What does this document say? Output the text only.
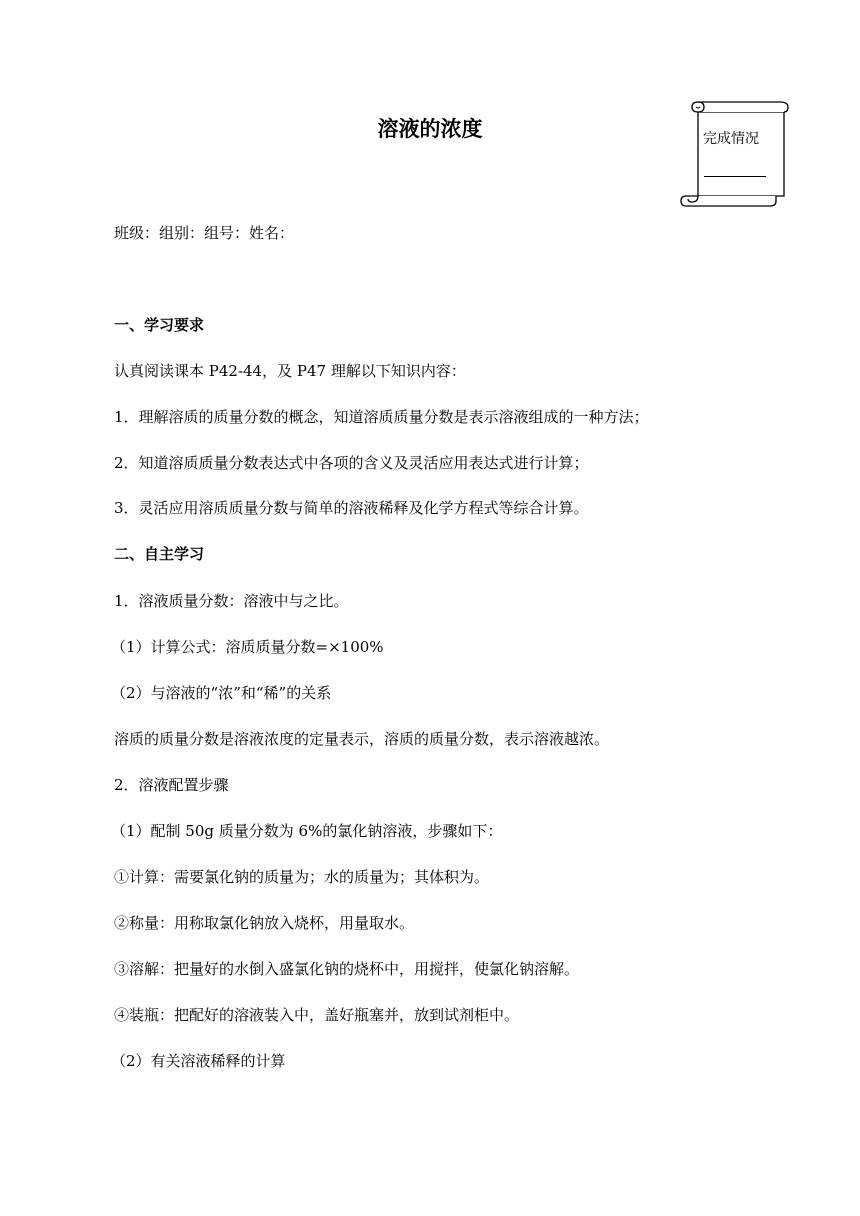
溶液的浓度	完成情况
班级：组别：组号：姓名：
一、学习要求
认真阅读课本 P42-44，及 P47 理解以下知识内容：
1．理解溶质的质量分数的概念，知道溶质质量分数是表示溶液组成的一种方法；
2．知道溶质质量分数表达式中各项的含义及灵活应用表达式进行计算；
3．灵活应用溶质质量分数与简单的溶液稀释及化学方程式等综合计算。
二、自主学习
1．溶液质量分数：溶液中与之比。
（1）计算公式：溶质质量分数=×100%
（2）与溶液的“浓”和“稀”的关系
溶质的质量分数是溶液浓度的定量表示，溶质的质量分数，表示溶液越浓。
2．溶液配置步骤
（1）配制 50g 质量分数为 6%的氯化钠溶液，步骤如下：
①计算：需要氯化钠的质量为；水的质量为；其体积为。
②称量：用称取氯化钠放入烧杯，用量取水。
③溶解：把量好的水倒入盛氯化钠的烧杯中，用搅拌，使氯化钠溶解。
④装瓶：把配好的溶液装入中，盖好瓶塞并，放到试剂柜中。
（2）有关溶液稀释的计算
